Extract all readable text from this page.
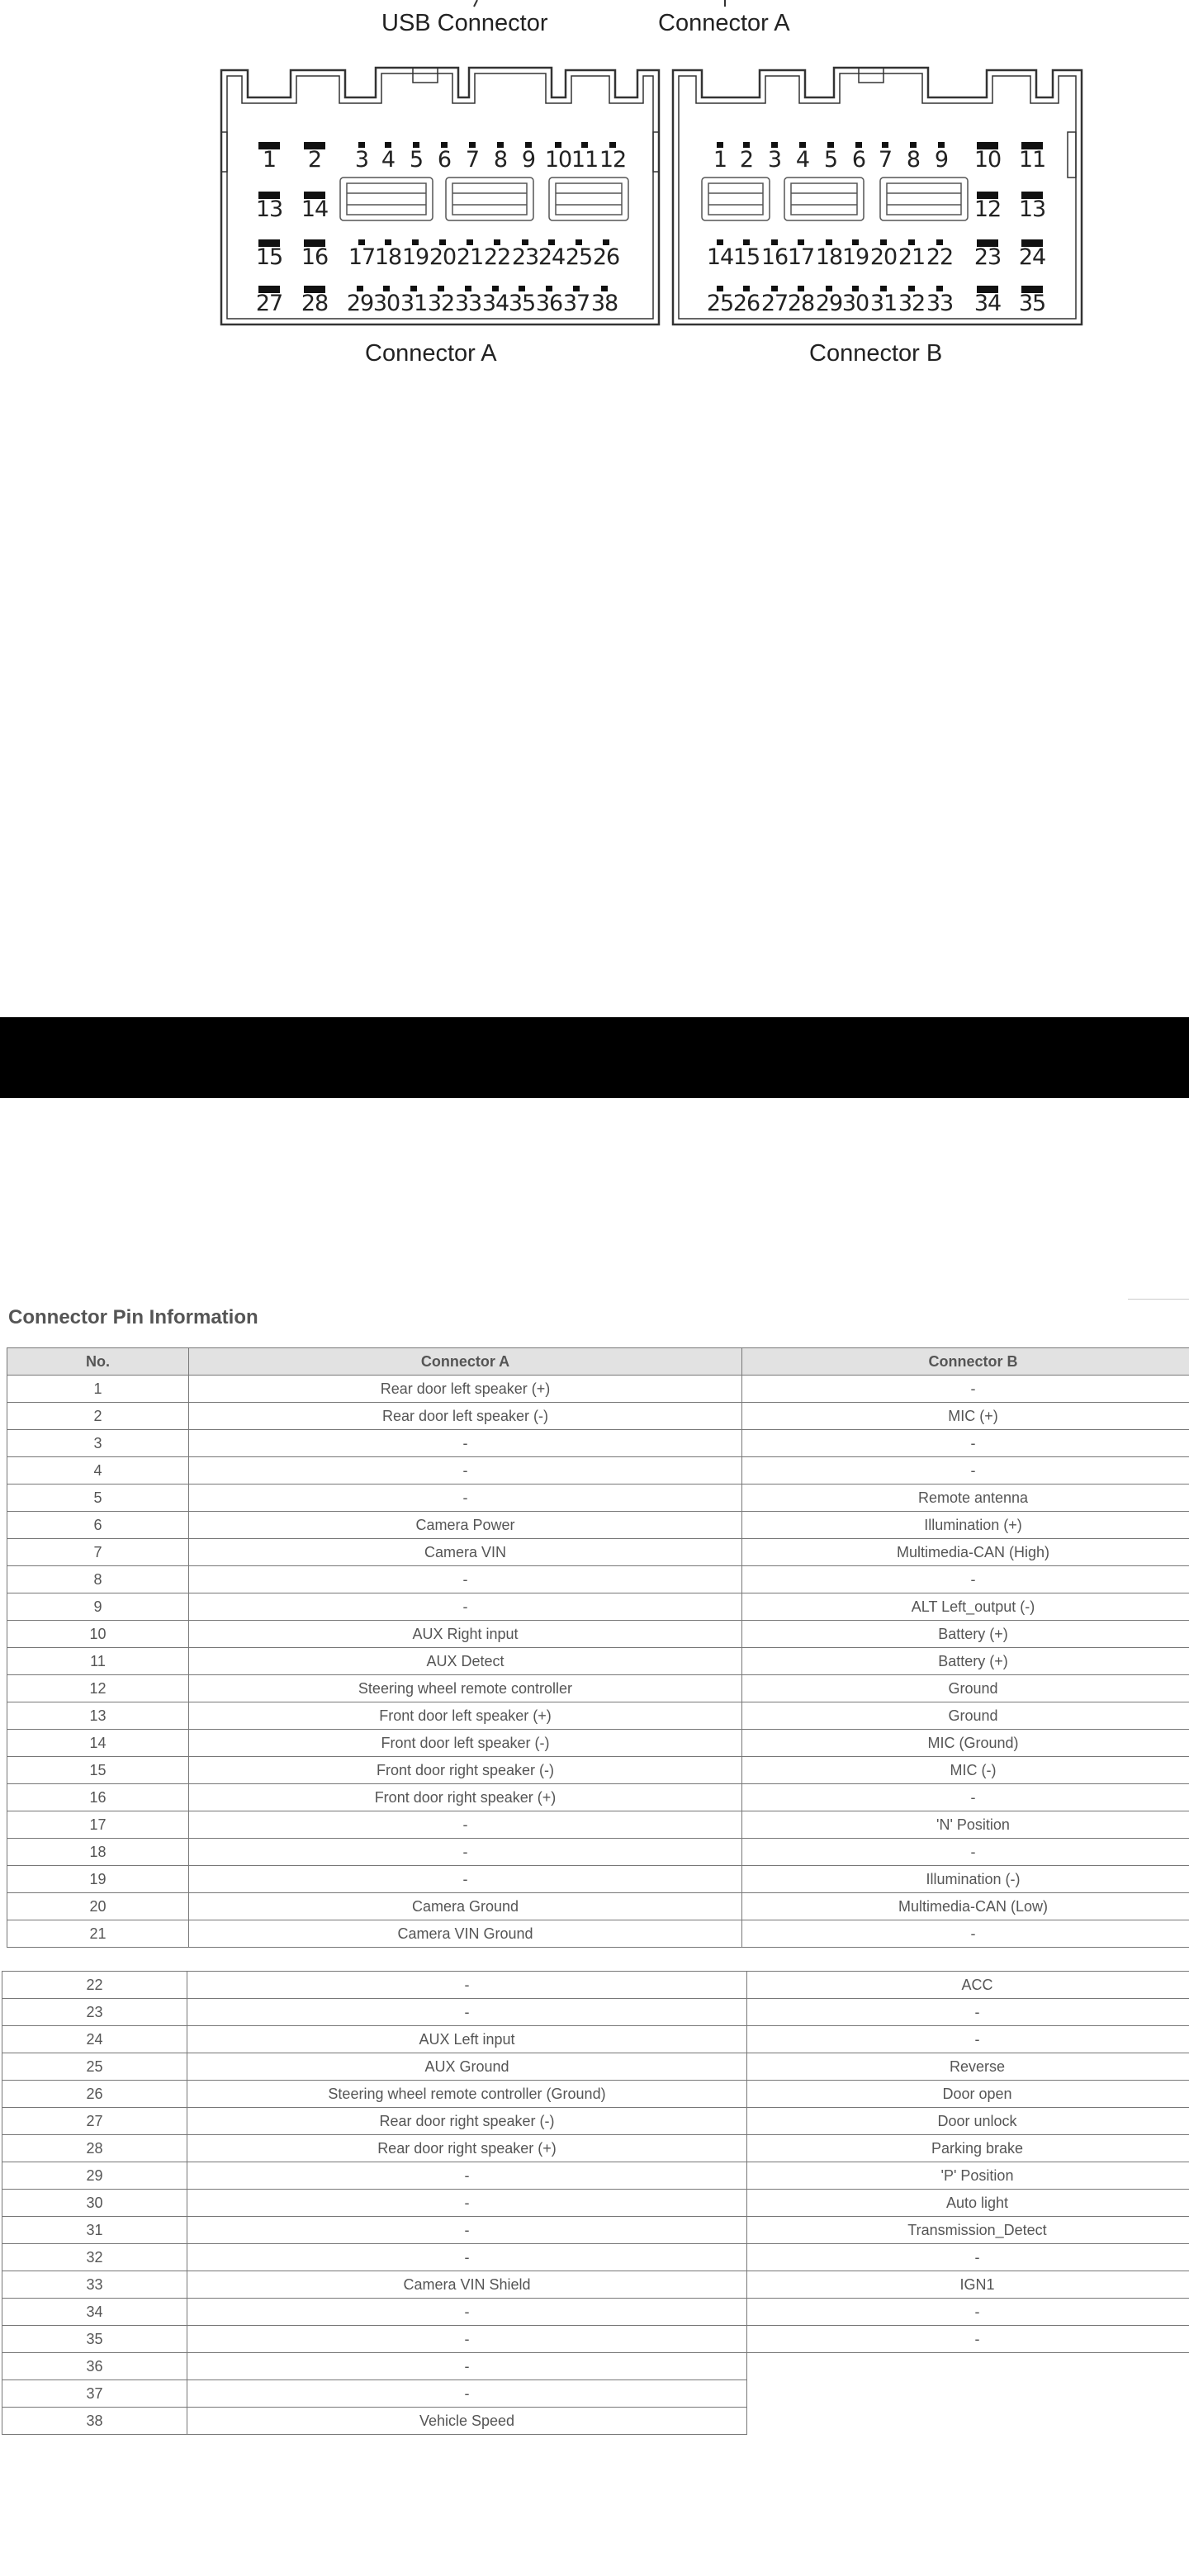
USB Connector	Connector A
1 2 3 4 5 6 7 8 9 10 11 12
13 14
15 16 17 18 19 20 21 22 23 24 25 26
27 28 29 30 31 32 33 34 35 36 37 38
1 2 3 4 5 6 7 8 9 10 11
12 13
14 15 16 17 18 19 20 21 22 23 24
25 26 27 28 29 30 31 32 33 34 35
Connector A	Connector B
Connector Pin Information
No.	Connector A	Connector B
1	Rear door left speaker (+)	-
2	Rear door left speaker (-)	MIC (+)
3	-	-
4	-	-
5	-	Remote antenna
6	Camera Power	Illumination (+)
7	Camera VIN	Multimedia-CAN (High)
8	-	-
9	-	ALT Left_output (-)
10	AUX Right input	Battery (+)
11	AUX Detect	Battery (+)
12	Steering wheel remote controller	Ground
13	Front door left speaker (+)	Ground
14	Front door left speaker (-)	MIC (Ground)
15	Front door right speaker (-)	MIC (-)
16	Front door right speaker (+)	-
17	-	'N' Position
18	-	-
19	-	Illumination (-)
20	Camera Ground	Multimedia-CAN (Low)
21	Camera VIN Ground	-
22	-	ACC
23	-	-
24	AUX Left input	-
25	AUX Ground	Reverse
26	Steering wheel remote controller (Ground)	Door open
27	Rear door right speaker (-)	Door unlock
28	Rear door right speaker (+)	Parking brake
29	-	'P' Position
30	-	Auto light
31	-	Transmission_Detect
32	-	-
33	Camera VIN Shield	IGN1
34	-	-
35	-	-
36	-	
37	-	
38	Vehicle Speed	
